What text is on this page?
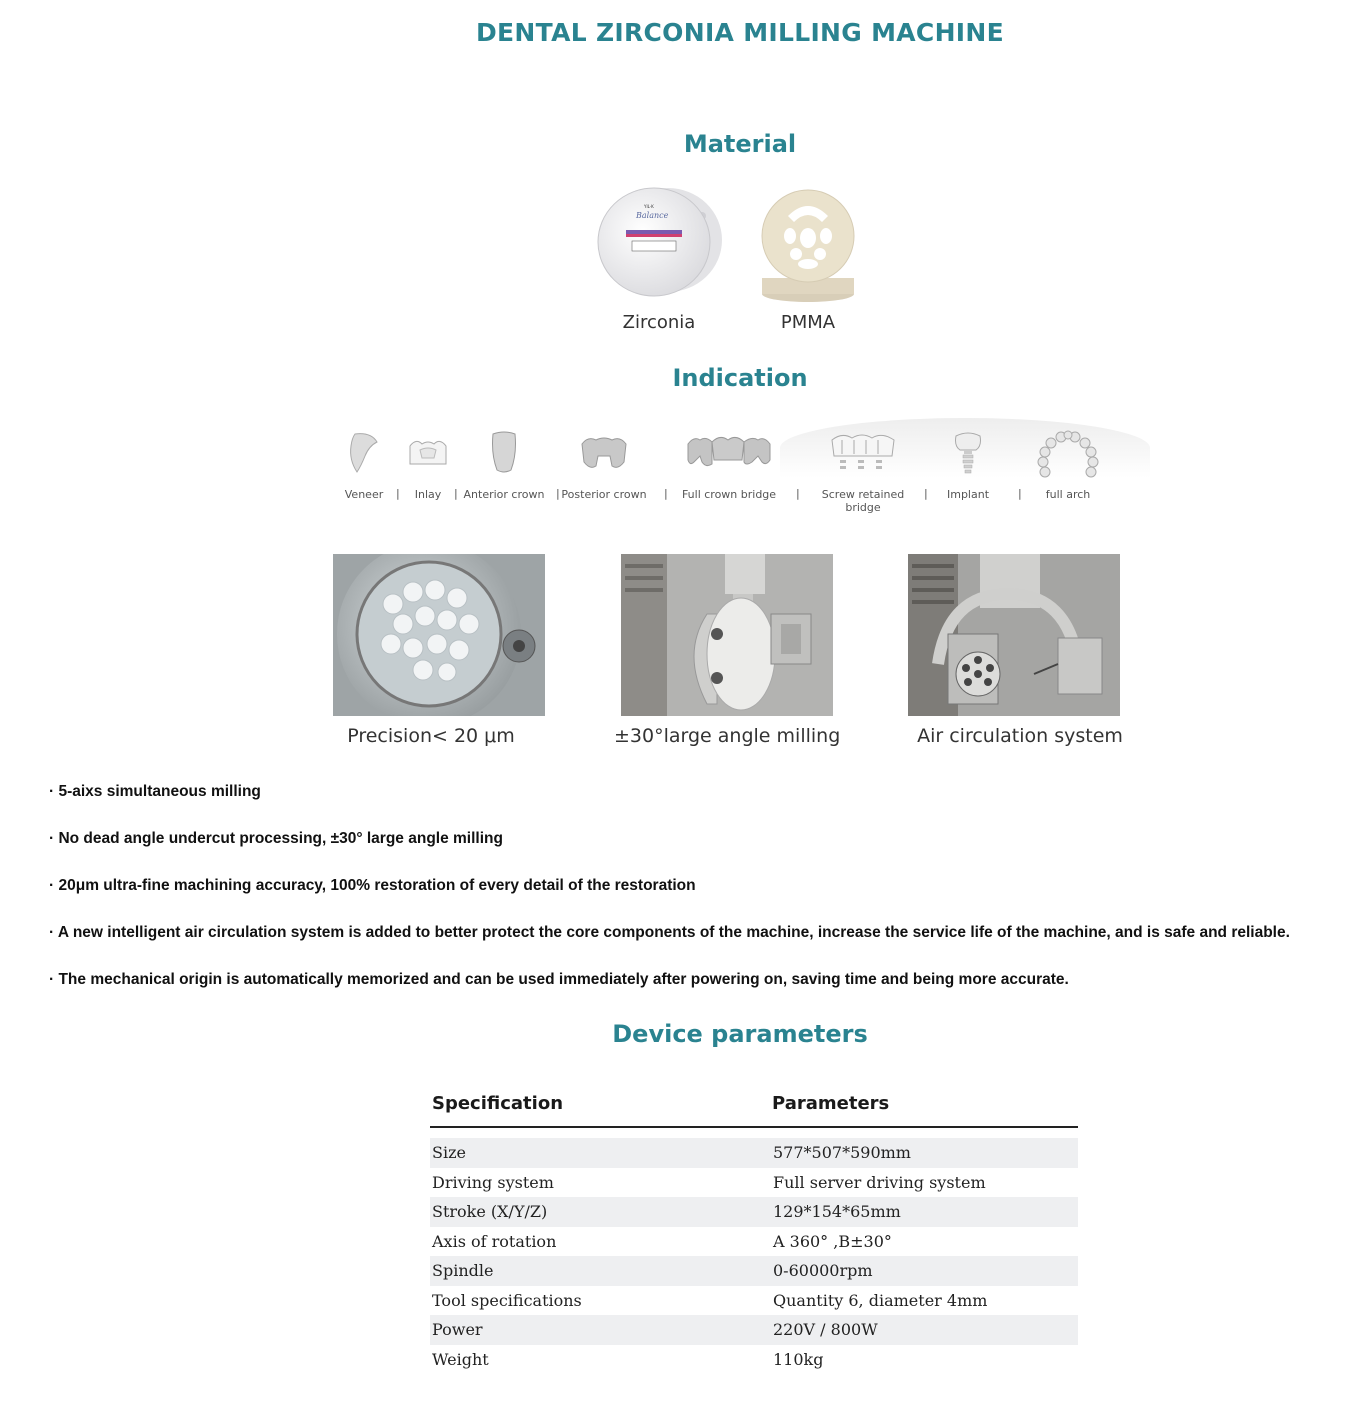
DENTAL ZIRCONIA MILLING MACHINE
Material
Balance
YIL·K
Zirconia	PMMA
Indication
Veneer | Inlay | Anterior crown | Posterior crown | Full crown bridge | Screw retained
bridge
| Implant	| full arch
Precision< 20 μm	±30°large angle milling	Air circulation system
· 5-aixs simultaneous milling
· No dead angle undercut processing, ±30° large angle milling
· 20μm ultra-fine machining accuracy, 100% restoration of every detail of the restoration
· A new intelligent air circulation system is added to better protect the core components of the machine, increase the service life of the machine, and is safe and reliable.
· The mechanical origin is automatically memorized and can be used immediately after powering on, saving time and being more accurate.
Device parameters
Specification	Parameters
Size	577*507*590mm
Driving system	Full server driving system
Stroke (X/Y/Z)	129*154*65mm
Axis of rotation	A 360° ,B±30°
Spindle	0-60000rpm
Tool specifications	Quantity 6, diameter 4mm
Power	220V / 800W
Weight	110kg
